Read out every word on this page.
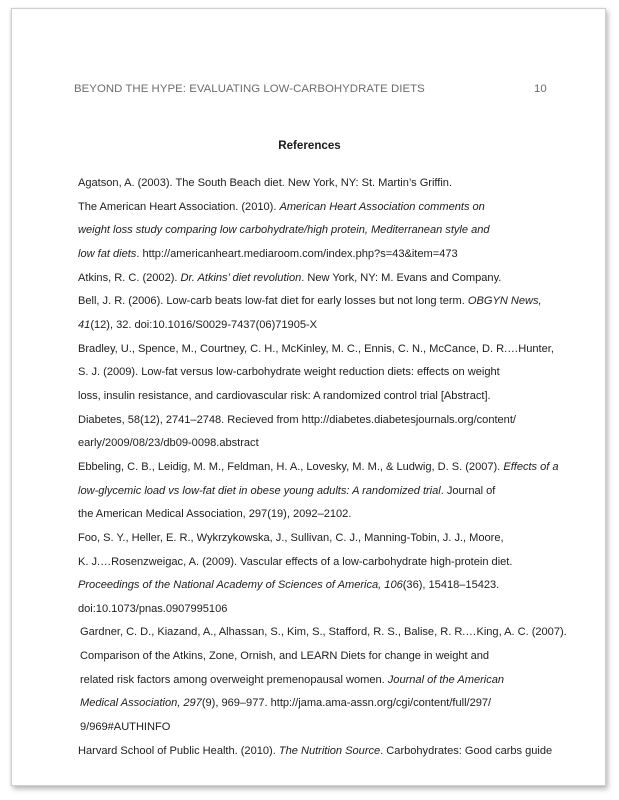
BEYOND THE HYPE: EVALUATING LOW-CARBOHYDRATE DIETS	10
References
Agatson, A. (2003). The South Beach diet. New York, NY: St. Martin’s Griffin.
The American Heart Association. (2010). American Heart Association comments on
weight loss study comparing low carbohydrate/high protein, Mediterranean style and
low fat diets. http://americanheart.mediaroom.com/index.php?s=43&item=473
Atkins, R. C. (2002). Dr. Atkins’ diet revolution. New York, NY: M. Evans and Company.
Bell, J. R. (2006). Low-carb beats low-fat diet for early losses but not long term. OBGYN News,
41(12), 32. doi:10.1016/S0029-7437(06)71905-X
Bradley, U., Spence, M., Courtney, C. H., McKinley, M. C., Ennis, C. N., McCance, D. R.…Hunter,
S. J. (2009). Low-fat versus low-carbohydrate weight reduction diets: effects on weight
loss, insulin resistance, and cardiovascular risk: A randomized control trial [Abstract].
Diabetes, 58(12), 2741–2748. Recieved from http://diabetes.diabetesjournals.org/content/
early/2009/08/23/db09-0098.abstract
Ebbeling, C. B., Leidig, M. M., Feldman, H. A., Lovesky, M. M., & Ludwig, D. S. (2007). Effects of a
low-glycemic load vs low-fat diet in obese young adults: A randomized trial. Journal of
the American Medical Association, 297(19), 2092–2102.
Foo, S. Y., Heller, E. R., Wykrzykowska, J., Sullivan, C. J., Manning-Tobin, J. J., Moore,
K. J.…Rosenzweigac, A. (2009). Vascular effects of a low-carbohydrate high-protein diet.
Proceedings of the National Academy of Sciences of America, 106(36), 15418–15423.
doi:10.1073/pnas.0907995106
Gardner, C. D., Kiazand, A., Alhassan, S., Kim, S., Stafford, R. S., Balise, R. R.…King, A. C. (2007).
Comparison of the Atkins, Zone, Ornish, and LEARN Diets for change in weight and
related risk factors among overweight premenopausal women. Journal of the American
Medical Association, 297(9), 969–977. http://jama.ama-assn.org/cgi/content/full/297/
9/969#AUTHINFO
Harvard School of Public Health. (2010). The Nutrition Source. Carbohydrates: Good carbs guide
